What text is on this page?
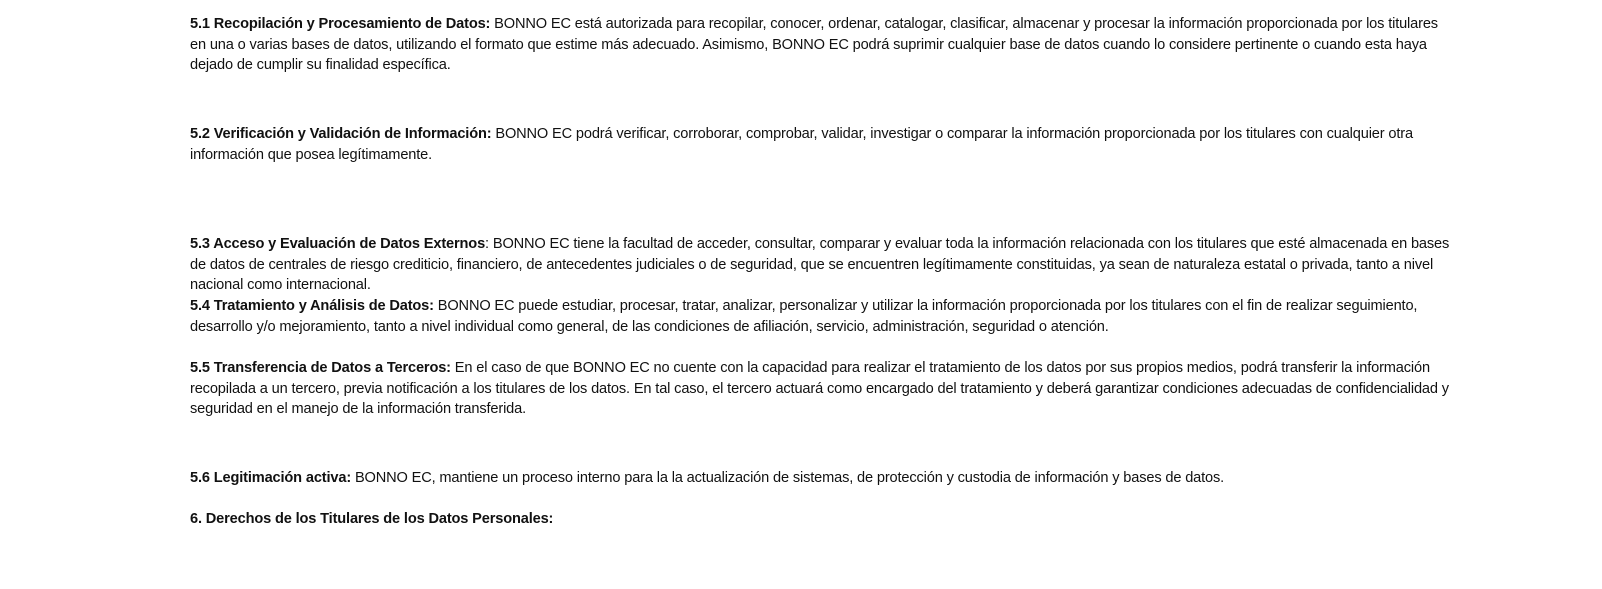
5.1 Recopilación y Procesamiento de Datos: BONNO EC está autorizada para recopilar, conocer, ordenar, catalogar, clasificar, almacenar y procesar la información proporcionada por los titulares en una o varias bases de datos, utilizando el formato que estime más adecuado. Asimismo, BONNO EC podrá suprimir cualquier base de datos cuando lo considere pertinente o cuando esta haya dejado de cumplir su finalidad específica.

5.2 Verificación y Validación de Información: BONNO EC podrá verificar, corroborar, comprobar, validar, investigar o comparar la información proporcionada por los titulares con cualquier otra información que posea legítimamente.

5.3 Acceso y Evaluación de Datos Externos: BONNO EC tiene la facultad de acceder, consultar, comparar y evaluar toda la información relacionada con los titulares que esté almacenada en bases de datos de centrales de riesgo crediticio, financiero, de antecedentes judiciales o de seguridad, que se encuentren legítimamente constituidas, ya sean de naturaleza estatal o privada, tanto a nivel nacional como internacional.

5.4 Tratamiento y Análisis de Datos: BONNO EC puede estudiar, procesar, tratar, analizar, personalizar y utilizar la información proporcionada por los titulares con el fin de realizar seguimiento, desarrollo y/o mejoramiento, tanto a nivel individual como general, de las condiciones de afiliación, servicio, administración, seguridad o atención.

5.5 Transferencia de Datos a Terceros: En el caso de que BONNO EC no cuente con la capacidad para realizar el tratamiento de los datos por sus propios medios, podrá transferir la información recopilada a un tercero, previa notificación a los titulares de los datos. En tal caso, el tercero actuará como encargado del tratamiento y deberá garantizar condiciones adecuadas de confidencialidad y seguridad en el manejo de la información transferida.

5.6 Legitimación activa: BONNO EC, mantiene un proceso interno para la la actualización de sistemas, de protección y custodia de información y bases de datos.

6. Derechos de los Titulares de los Datos Personales:
